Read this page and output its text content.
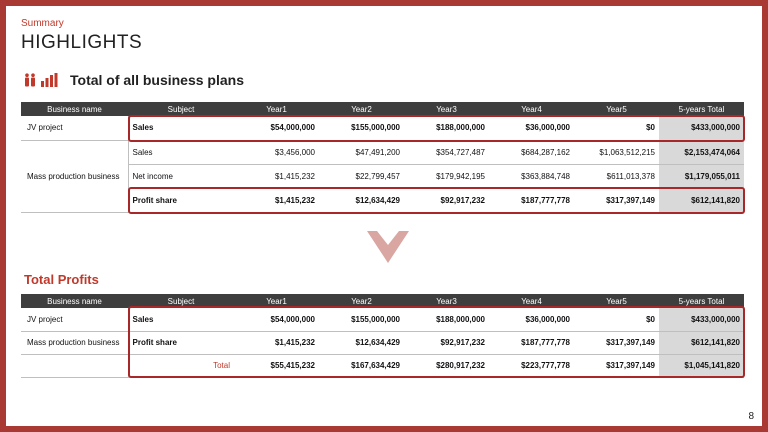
Summary
HIGHLIGHTS
Total of all business plans
Business name	Subject	Year1	Year2	Year3	Year4	Year5	5-years Total
JV project	Sales	$54,000,000	$155,000,000	$188,000,000	$36,000,000	$0	$433,000,000
Mass production business	Sales	$3,456,000	$47,491,200	$354,727,487	$684,287,162	$1,063,512,215	$2,153,474,064
	Net income	$1,415,232	$22,799,457	$179,942,195	$363,884,748	$611,013,378	$1,179,055,011
	Profit share	$1,415,232	$12,634,429	$92,917,232	$187,777,778	$317,397,149	$612,141,820
Total Profits
Business name	Subject	Year1	Year2	Year3	Year4	Year5	5-years Total
JV project	Sales	$54,000,000	$155,000,000	$188,000,000	$36,000,000	$0	$433,000,000
Mass production business	Profit share	$1,415,232	$12,634,429	$92,917,232	$187,777,778	$317,397,149	$612,141,820
	Total	$55,415,232	$167,634,429	$280,917,232	$223,777,778	$317,397,149	$1,045,141,820
8
